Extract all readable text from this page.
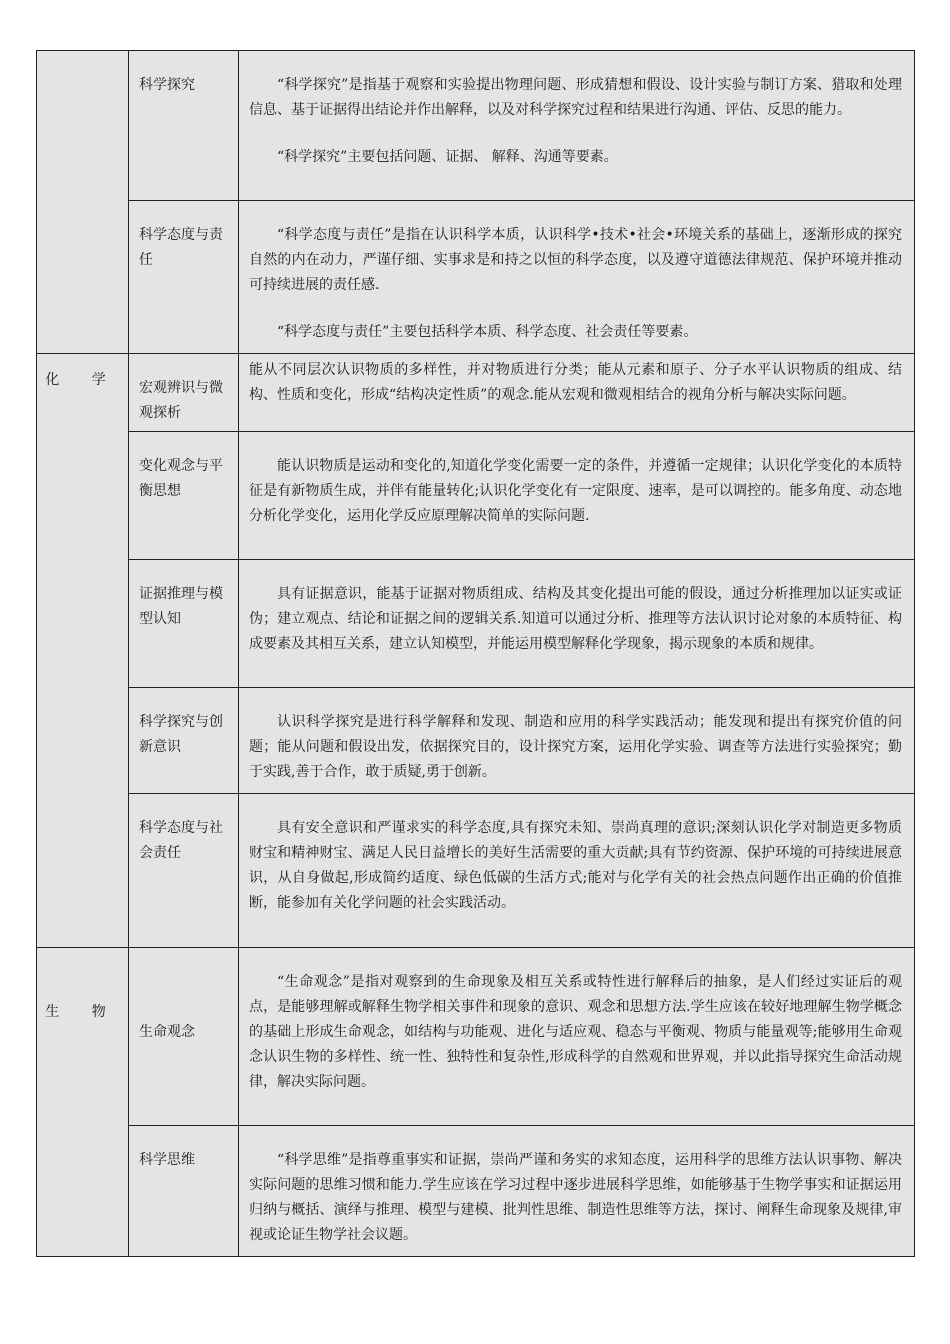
	科学探究	“科学探究”是指基于观察和实验提出物理问题、形成猜想和假设、设计实验与制订方案、猎取和处理信息、基于证据得出结论并作出解释，以及对科学探究过程和结果进行沟通、评估、反思的能力。

“科学探究”主要包括问题、证据、 解释、沟通等要素。

	科学态度与责任	“科学态度与责任”是指在认识科学本质，认识科学•技术•社会•环境关系的基础上，逐渐形成的探究自然的内在动力，严谨仔细、实事求是和持之以恒的科学态度，以及遵守道德法律规范、保护环境并推动可持续进展的责任感.

“科学态度与责任”主要包括科学本质、科学态度、社会责任等要素。

化 学	宏观辨识与微观探析	能从不同层次认识物质的多样性，并对物质进行分类；能从元素和原子、分子水平认识物质的组成、结构、性质和变化，形成“结构决定性质”的观念.能从宏观和微观相结合的视角分析与解决实际问题。

	变化观念与平衡思想	能认识物质是运动和变化的,知道化学变化需要一定的条件，并遵循一定规律；认识化学变化的本质特征是有新物质生成，并伴有能量转化;认识化学变化有一定限度、速率，是可以调控的。能多角度、动态地分析化学变化，运用化学反应原理解决简单的实际问题.

	证据推理与模型认知	具有证据意识，能基于证据对物质组成、结构及其变化提出可能的假设，通过分析推理加以证实或证伪；建立观点、结论和证据之间的逻辑关系.知道可以通过分析、推理等方法认识讨论对象的本质特征、构成要素及其相互关系，建立认知模型，并能运用模型解释化学现象，揭示现象的本质和规律。

	科学探究与创新意识	认识科学探究是进行科学解释和发现、制造和应用的科学实践活动；能发现和提出有探究价值的问题；能从问题和假设出发，依据探究目的，设计探究方案，运用化学实验、调查等方法进行实验探究；勤于实践,善于合作，敢于质疑,勇于创新。

	科学态度与社会责任	具有安全意识和严谨求实的科学态度,具有探究未知、崇尚真理的意识;深刻认识化学对制造更多物质财宝和精神财宝、满足人民日益增长的美好生活需要的重大贡献;具有节约资源、保护环境的可持续进展意识，从自身做起,形成简约适度、绿色低碳的生活方式;能对与化学有关的社会热点问题作出正确的价值推断，能参加有关化学问题的社会实践活动。

生 物	生命观念	“生命观念”是指对观察到的生命现象及相互关系或特性进行解释后的抽象，是人们经过实证后的观点，是能够理解或解释生物学相关事件和现象的意识、观念和思想方法.学生应该在较好地理解生物学概念的基础上形成生命观念，如结构与功能观、进化与适应观、稳态与平衡观、物质与能量观等;能够用生命观念认识生物的多样性、统一性、独特性和复杂性,形成科学的自然观和世界观，并以此指导探究生命活动规律，解决实际问题。

	科学思维	“科学思维”是指尊重事实和证据，崇尚严谨和务实的求知态度，运用科学的思维方法认识事物、解决实际问题的思维习惯和能力.学生应该在学习过程中逐步进展科学思维，如能够基于生物学事实和证据运用归纳与概括、演绎与推理、模型与建模、批判性思维、制造性思维等方法，探讨、阐释生命现象及规律,审视或论证生物学社会议题。
